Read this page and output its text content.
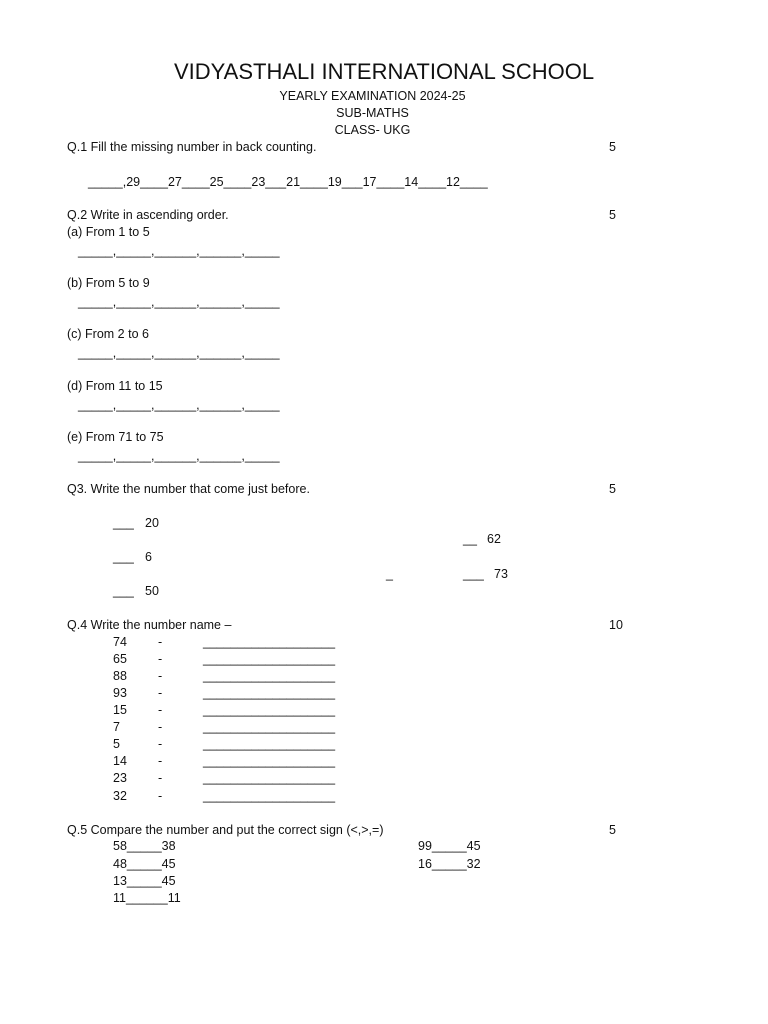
VIDYASTHALI INTERNATIONAL SCHOOL
YEARLY EXAMINATION 2024-25
SUB-MATHS
CLASS- UKG
Q.1 Fill the missing number in back counting.	5
_____,29____27____25____23___21____19___17____14____12____
Q.2 Write in ascending order.	5
(a) From 1 to 5
_____,_____,______,______,_____
(b) From 5 to 9
_____,_____,______,______,_____
(c) From 2 to 6
_____,_____,______,______,_____
(d) From 11 to 15
_____,_____,______,______,_____
(e) From 71 to 75
_____,_____,______,______,_____
Q3. Write the number that come just before.	5
___ 20
__ 62
___ 6
_	___ 73
___ 50
Q.4 Write the number name –	10
74 -	___________________
65 -	___________________
88 -	___________________
93 -	___________________
15 -	___________________
7	-	___________________
5	-	___________________
14 -	___________________
23 -	___________________
32 -	___________________
Q.5 Compare the number and put the correct sign (<,>,=)	5
58_____38	99_____45
48_____45	16_____32
13_____45
11______11
